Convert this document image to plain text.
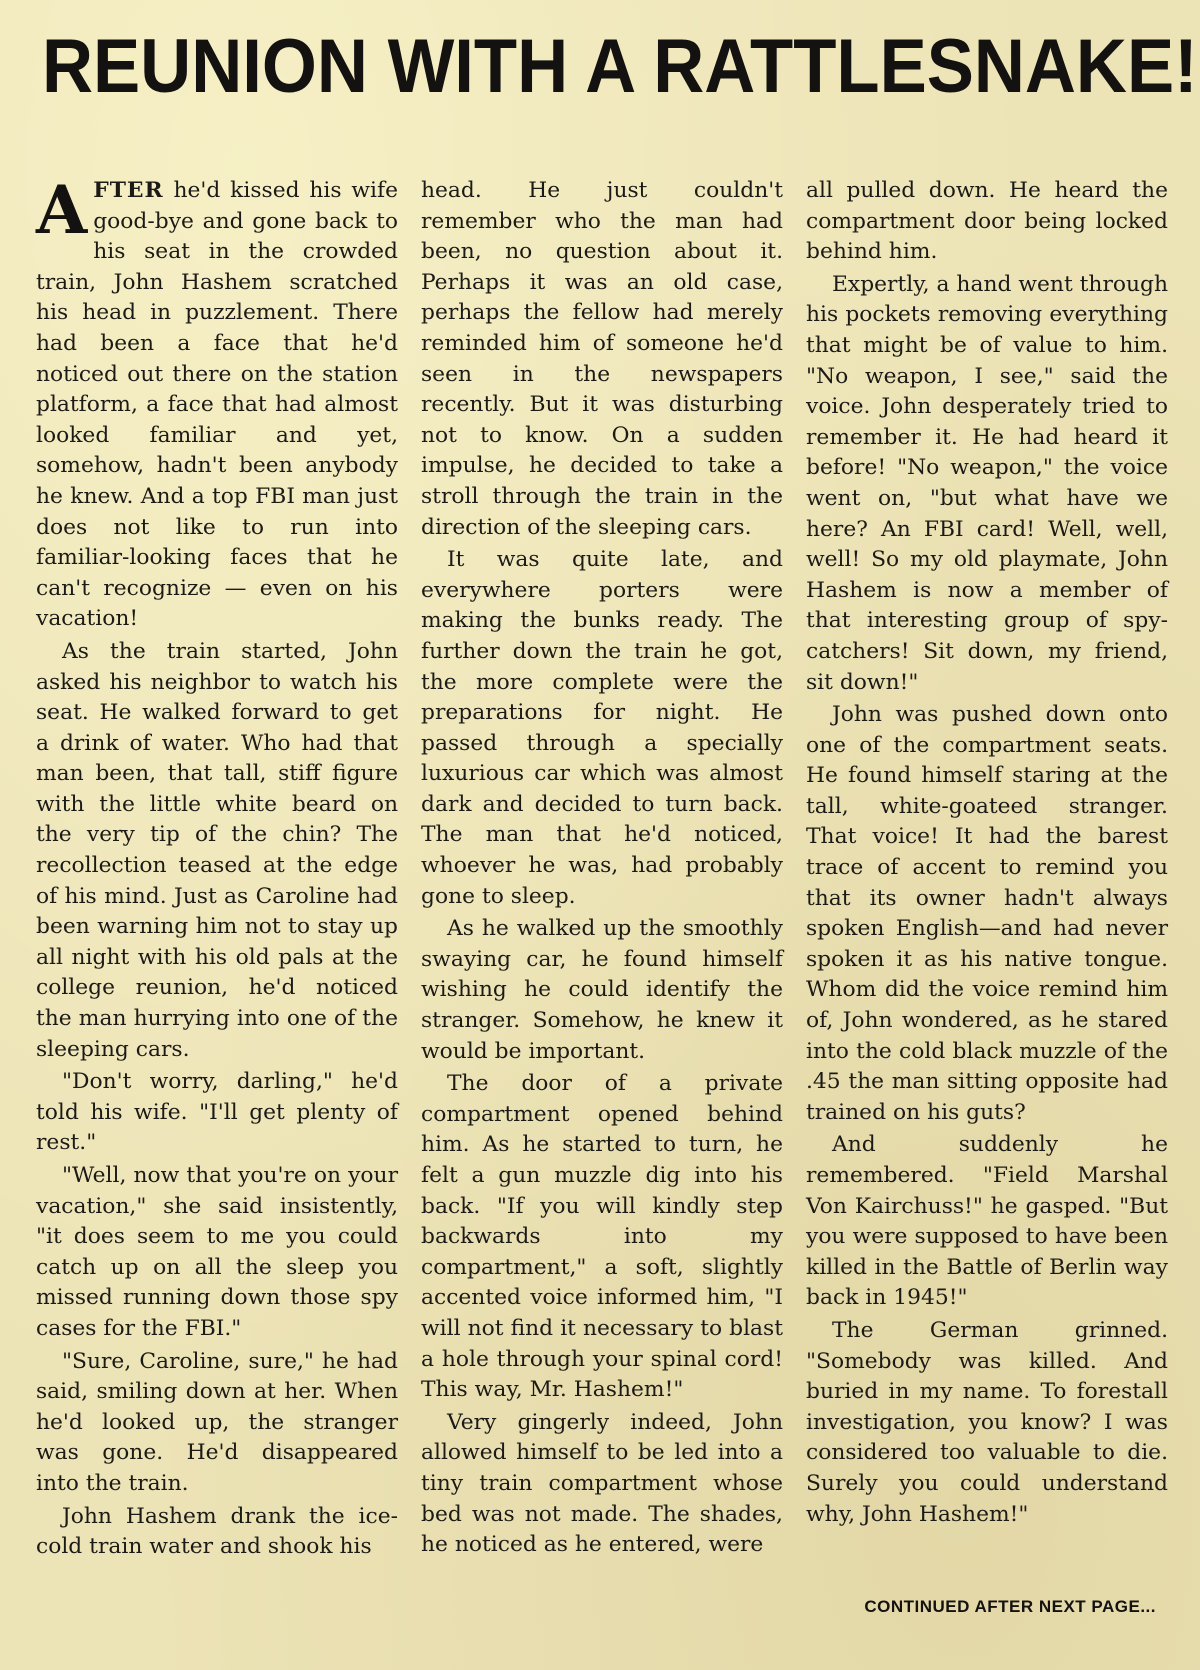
REUNION WITH A RATTLESNAKE!

AFTER he'd kissed his wife good-bye and gone back to his seat in the crowded train, John Hashem scratched his head in puzzlement. There had been a face that he'd noticed out there on the station platform, a face that had almost looked familiar and yet, somehow, hadn't been anybody he knew. And a top FBI man just does not like to run into familiar-looking faces that he can't recognize — even on his vacation!

As the train started, John asked his neighbor to watch his seat. He walked forward to get a drink of water. Who had that man been, that tall, stiff figure with the little white beard on the very tip of the chin? The recollection teased at the edge of his mind. Just as Caroline had been warning him not to stay up all night with his old pals at the college reunion, he'd noticed the man hurrying into one of the sleeping cars.

"Don't worry, darling," he'd told his wife. "I'll get plenty of rest."

"Well, now that you're on your vacation," she said insistently, "it does seem to me you could catch up on all the sleep you missed running down those spy cases for the FBI."

"Sure, Caroline, sure," he had said, smiling down at her. When he'd looked up, the stranger was gone. He'd disappeared into the train.

John Hashem drank the ice-cold train water and shook his

head. He just couldn't remember who the man had been, no question about it. Perhaps it was an old case, perhaps the fellow had merely reminded him of someone he'd seen in the newspapers recently. But it was disturbing not to know. On a sudden impulse, he decided to take a stroll through the train in the direction of the sleeping cars.

It was quite late, and everywhere porters were making the bunks ready. The further down the train he got, the more complete were the preparations for night. He passed through a specially luxurious car which was almost dark and decided to turn back. The man that he'd noticed, whoever he was, had probably gone to sleep.

As he walked up the smoothly swaying car, he found himself wishing he could identify the stranger. Somehow, he knew it would be important.

The door of a private compartment opened behind him. As he started to turn, he felt a gun muzzle dig into his back. "If you will kindly step backwards into my compartment," a soft, slightly accented voice informed him, "I will not find it necessary to blast a hole through your spinal cord! This way, Mr. Hashem!"

Very gingerly indeed, John allowed himself to be led into a tiny train compartment whose bed was not made. The shades, he noticed as he entered, were

all pulled down. He heard the compartment door being locked behind him.

Expertly, a hand went through his pockets removing everything that might be of value to him. "No weapon, I see," said the voice. John desperately tried to remember it. He had heard it before! "No weapon," the voice went on, "but what have we here? An FBI card! Well, well, well! So my old playmate, John Hashem is now a member of that interesting group of spy-catchers! Sit down, my friend, sit down!"

John was pushed down onto one of the compartment seats. He found himself staring at the tall, white-goateed stranger. That voice! It had the barest trace of accent to remind you that its owner hadn't always spoken English—and had never spoken it as his native tongue. Whom did the voice remind him of, John wondered, as he stared into the cold black muzzle of the .45 the man sitting opposite had trained on his guts?

And suddenly he remembered. "Field Marshal Von Kairchuss!" he gasped. "But you were supposed to have been killed in the Battle of Berlin way back in 1945!"

The German grinned. "Somebody was killed. And buried in my name. To forestall investigation, you know? I was considered too valuable to die. Surely you could understand why, John Hashem!"

CONTINUED AFTER NEXT PAGE...
